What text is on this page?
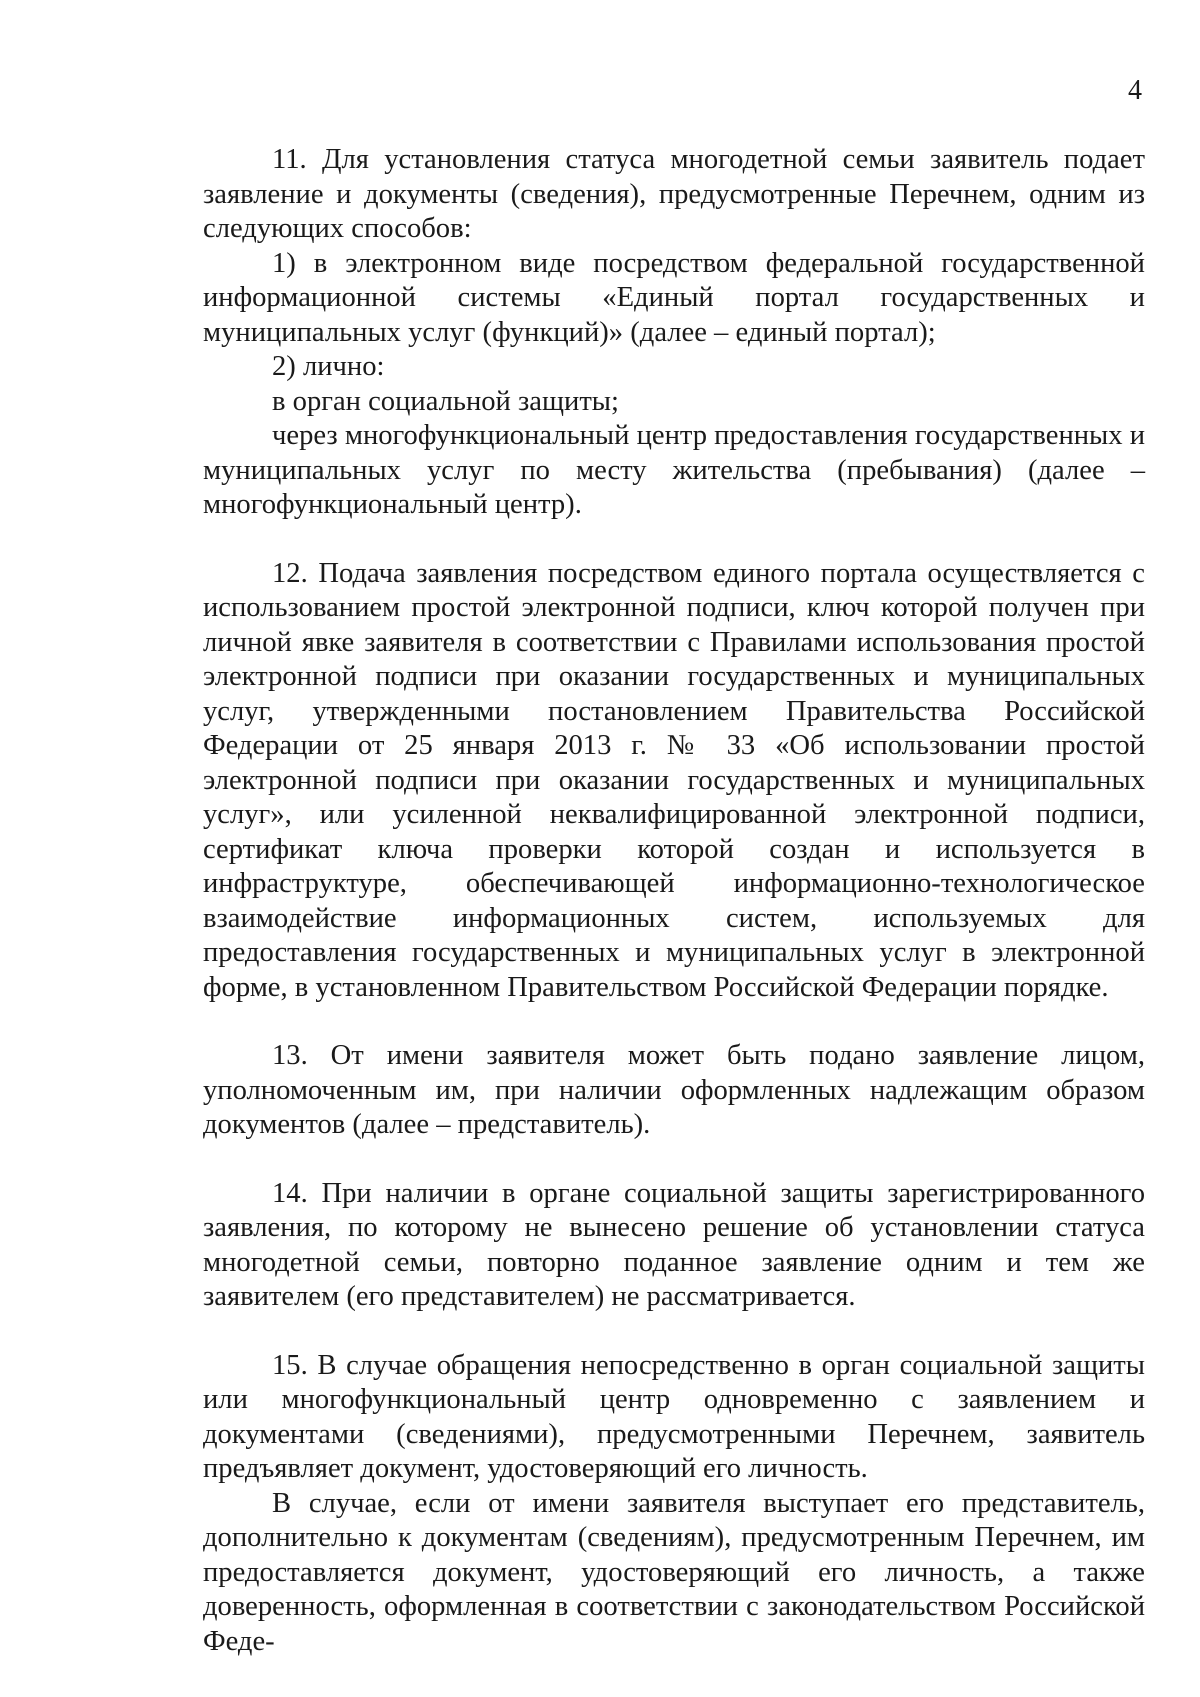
4

11. Для установления статуса многодетной семьи заявитель подает заявление и документы (сведения), предусмотренные Перечнем, одним из следующих способов:

1) в электронном виде посредством федеральной государственной информационной системы «Единый портал государственных и муниципальных услуг (функций)» (далее – единый портал);

2) лично:

в орган социальной защиты;

через многофункциональный центр предоставления государственных и муниципальных услуг по месту жительства (пребывания) (далее – многофункциональный центр).

12. Подача заявления посредством единого портала осуществляется с использованием простой электронной подписи, ключ которой получен при личной явке заявителя в соответствии с Правилами использования простой электронной подписи при оказании государственных и муниципальных услуг, утвержденными постановлением Правительства Российской Федерации от 25 января 2013 г. № 33 «Об использовании простой электронной подписи при оказании государственных и муниципальных услуг», или усиленной неквалифицированной электронной подписи, сертификат ключа проверки которой создан и используется в инфраструктуре, обеспечивающей информационно-технологическое взаимодействие информационных систем, используемых для предоставления государственных и муниципальных услуг в электронной форме, в установленном Правительством Российской Федерации порядке.

13. От имени заявителя может быть подано заявление лицом, уполномоченным им, при наличии оформленных надлежащим образом документов (далее – представитель).

14. При наличии в органе социальной защиты зарегистрированного заявления, по которому не вынесено решение об установлении статуса многодетной семьи, повторно поданное заявление одним и тем же заявителем (его представителем) не рассматривается.

15. В случае обращения непосредственно в орган социальной защиты или многофункциональный центр одновременно с заявлением и документами (сведениями), предусмотренными Перечнем, заявитель предъявляет документ, удостоверяющий его личность.

В случае, если от имени заявителя выступает его представитель, дополнительно к документам (сведениям), предусмотренным Перечнем, им предоставляется документ, удостоверяющий его личность, а также доверенность, оформленная в соответствии с законодательством Российской Феде-
